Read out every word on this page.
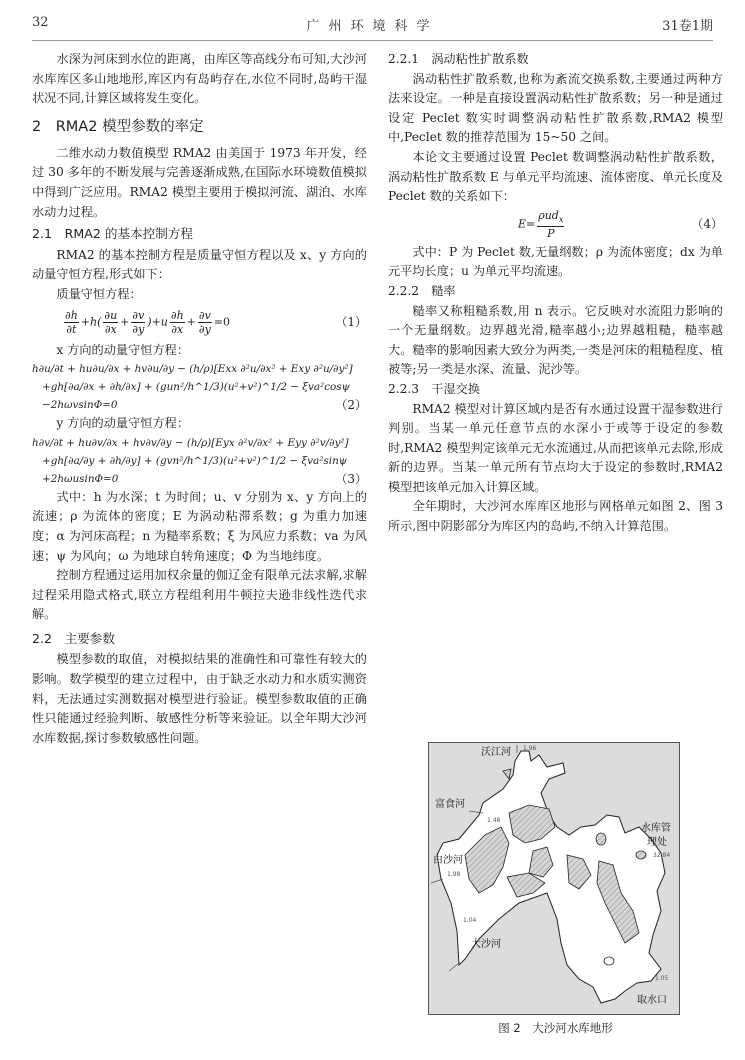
32	广州环境科学	31卷1期

水深为河床到水位的距离，由库区等高线分布可知,大沙河水库库区多山地地形,库区内有岛屿存在,水位不同时,岛屿干湿状况不同,计算区域将发生变化。

2　RMA2 模型参数的率定

二维水动力数值模型 RMA2 由美国于 1973 年开发，经过 30 多年的不断发展与完善逐渐成熟,在国际水环境数值模拟中得到广泛应用。RMA2 模型主要用于模拟河流、湖泊、水库水动力过程。

2.1　RMA2 的基本控制方程

RMA2 的基本控制方程是质量守恒方程以及 x、y 方向的动量守恒方程,形式如下：

质量守恒方程：

$\frac{\partial h}{\partial t} +h( \frac{\partial u}{\partial x} + \frac{\partial v}{\partial y} )+u \frac{\partial h}{\partial x} + \frac{\partial v}{\partial y} =0$	（1）

x 方向的动量守恒方程：

h∂u/∂t + hu∂u/∂x + hv∂u/∂y − (h/ρ)[Exx ∂²u/∂x² + Exy ∂²u/∂y²]
+gh[∂a/∂x + ∂h/∂x] + (gun²/h^1/3)(u²+v²)^1/2 − ξva²cosψ
−2hωvsinΦ=0	（2）

y 方向的动量守恒方程：

h∂v/∂t + hu∂v/∂x + hv∂v/∂y − (h/ρ)[Eyx ∂²v/∂x² + Eyy ∂²v/∂y²]
+gh[∂a/∂y + ∂h/∂y] + (gvn²/h^1/3)(u²+v²)^1/2 − ξva²sinψ
+2hωusinΦ=0	（3）

式中：h 为水深；t 为时间；u、v 分别为 x、y 方向上的流速；ρ 为流体的密度；E 为涡动粘滞系数；g 为重力加速度；α 为河床高程；n 为糙率系数；ξ 为风应力系数；va 为风速；ψ 为风向；ω 为地球自转角速度；Φ 为当地纬度。

控制方程通过运用加权余量的伽辽金有限单元法求解,求解过程采用隐式格式,联立方程组利用牛顿拉夫逊非线性迭代求解。

2.2　主要参数

模型参数的取值，对模拟结果的准确性和可靠性有较大的影响。数学模型的建立过程中，由于缺乏水动力和水质实测资料，无法通过实测数据对模型进行验证。模型参数取值的正确性只能通过经验判断、敏感性分析等来验证。以全年期大沙河水库数据,探讨参数敏感性问题。

2.2.1　涡动粘性扩散系数

涡动粘性扩散系数,也称为紊流交换系数,主要通过两种方法来设定。一种是直接设置涡动粘性扩散系数；另一种是通过设定 Peclet 数实时调整涡动粘性扩散系数,RMA2 模型中,Peclet 数的推荐范围为 15~50 之间。

本论文主要通过设置 Peclet 数调整涡动粘性扩散系数，涡动粘性扩散系数 E 与单元平均流速、流体密度、单元长度及 Peclet 数的关系如下：

$E= \frac{\rho ud_x}{P}$	（4）

式中：P 为 Peclet 数,无量纲数；ρ 为流体密度；dx 为单元平均长度；u 为单元平均流速。

2.2.2　糙率

糙率又称粗糙系数,用 n 表示。它反映对水流阻力影响的一个无量纲数。边界越光滑,糙率越小;边界越粗糙，糙率越大。糙率的影响因素大致分为两类,一类是河床的粗糙程度、植被等;另一类是水深、流量、泥沙等。

2.2.3　干湿交换

RMA2 模型对计算区域内是否有水通过设置干湿参数进行判别。当某一单元任意节点的水深小于或等于设定的参数时,RMA2 模型判定该单元无水流通过,从而把该单元去除,形成新的边界。当某一单元所有节点均大于设定的参数时,RMA2 模型把该单元加入计算区域。

全年期时，大沙河水库库区地形与网格单元如图 2、图 3 所示,图中阴影部分为库区内的岛屿,不纳入计算范围。

沃江河 1.96
富食河
1.48
白沙河
1.98
1.04
大沙河
水库管
理处
32.84
1.05
取水口
图 2　大沙河水库地形
